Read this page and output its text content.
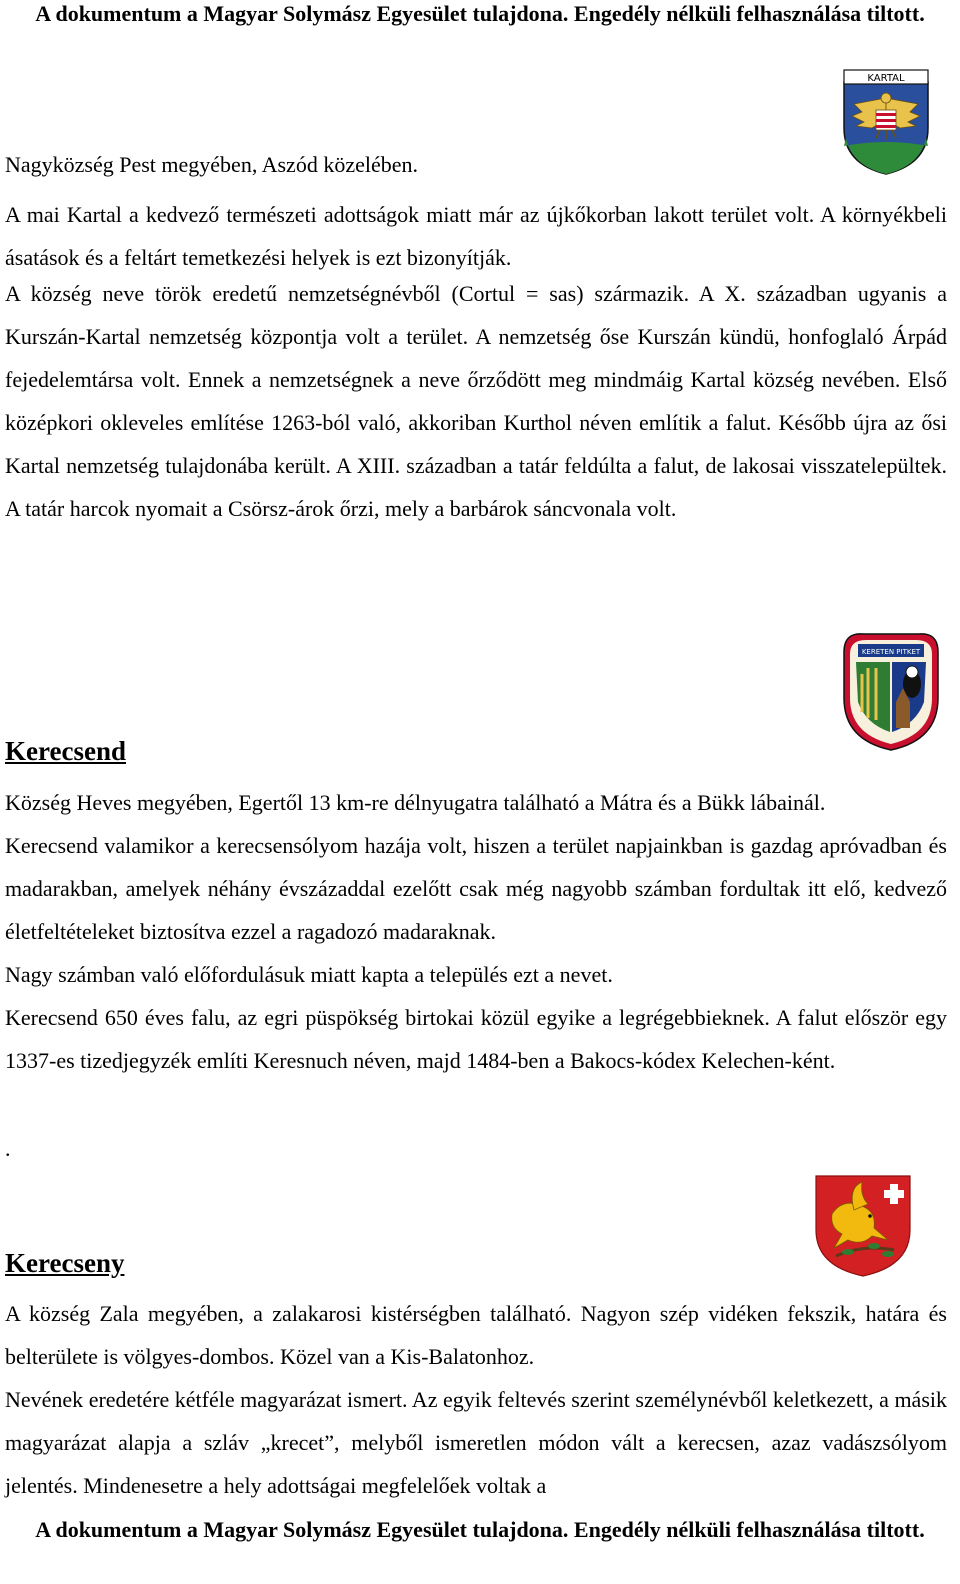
A dokumentum a Magyar Solymász Egyesület tulajdona. Engedély nélküli felhasználása tiltott.
KARTAL

Nagyközség Pest megyében, Aszód közelében.

A mai Kartal a kedvező természeti adottságok miatt már az újkőkorban lakott terület volt. A környékbeli ásatások és a feltárt temetkezési helyek is ezt bizonyítják.

A község neve török eredetű nemzetségnévből (Cortul = sas) származik. A X. században ugyanis a Kurszán-Kartal nemzetség központja volt a terület. A nemzetség őse Kurszán kündü, honfoglaló Árpád fejedelemtársa volt. Ennek a nemzetségnek a neve őrződött meg mindmáig Kartal község nevében. Első középkori okleveles említése 1263-ból való, akkoriban Kurthol néven említik a falut. Később újra az ősi Kartal nemzetség tulajdonába került. A XIII. században a tatár feldúlta a falut, de lakosai visszatelepültek. A tatár harcok nyomait a Csörsz-árok őrzi, mely a barbárok sáncvonala volt.

KERETEN PITKET
Kerecsend

Község Heves megyében, Egertől 13 km-re délnyugatra található a Mátra és a Bükk lábainál.

Kerecsend valamikor a kerecsensólyom hazája volt, hiszen a terület napjainkban is gazdag apróvadban és madarakban, amelyek néhány évszázaddal ezelőtt csak még nagyobb számban fordultak itt elő, kedvező életfeltételeket biztosítva ezzel a ragadozó madaraknak.

Nagy számban való előfordulásuk miatt kapta a település ezt a nevet.

Kerecsend 650 éves falu, az egri püspökség birtokai közül egyike a legrégebbieknek. A falut először egy 1337-es tizedjegyzék említi Keresnuch néven, majd 1484-ben a Bakocs-kódex Kelechen-ként.

.

Kerecseny

A község Zala megyében, a zalakarosi kistérségben található. Nagyon szép vidéken fekszik, határa és belterülete is völgyes-dombos. Közel van a Kis-Balatonhoz.

Nevének eredetére kétféle magyarázat ismert. Az egyik feltevés szerint személynévből keletkezett, a másik magyarázat alapja a szláv „krecet”, melyből ismeretlen módon vált a kerecsen, azaz vadászsólyom jelentés. Mindenesetre a hely adottságai megfelelőek voltak a

A dokumentum a Magyar Solymász Egyesület tulajdona. Engedély nélküli felhasználása tiltott.
